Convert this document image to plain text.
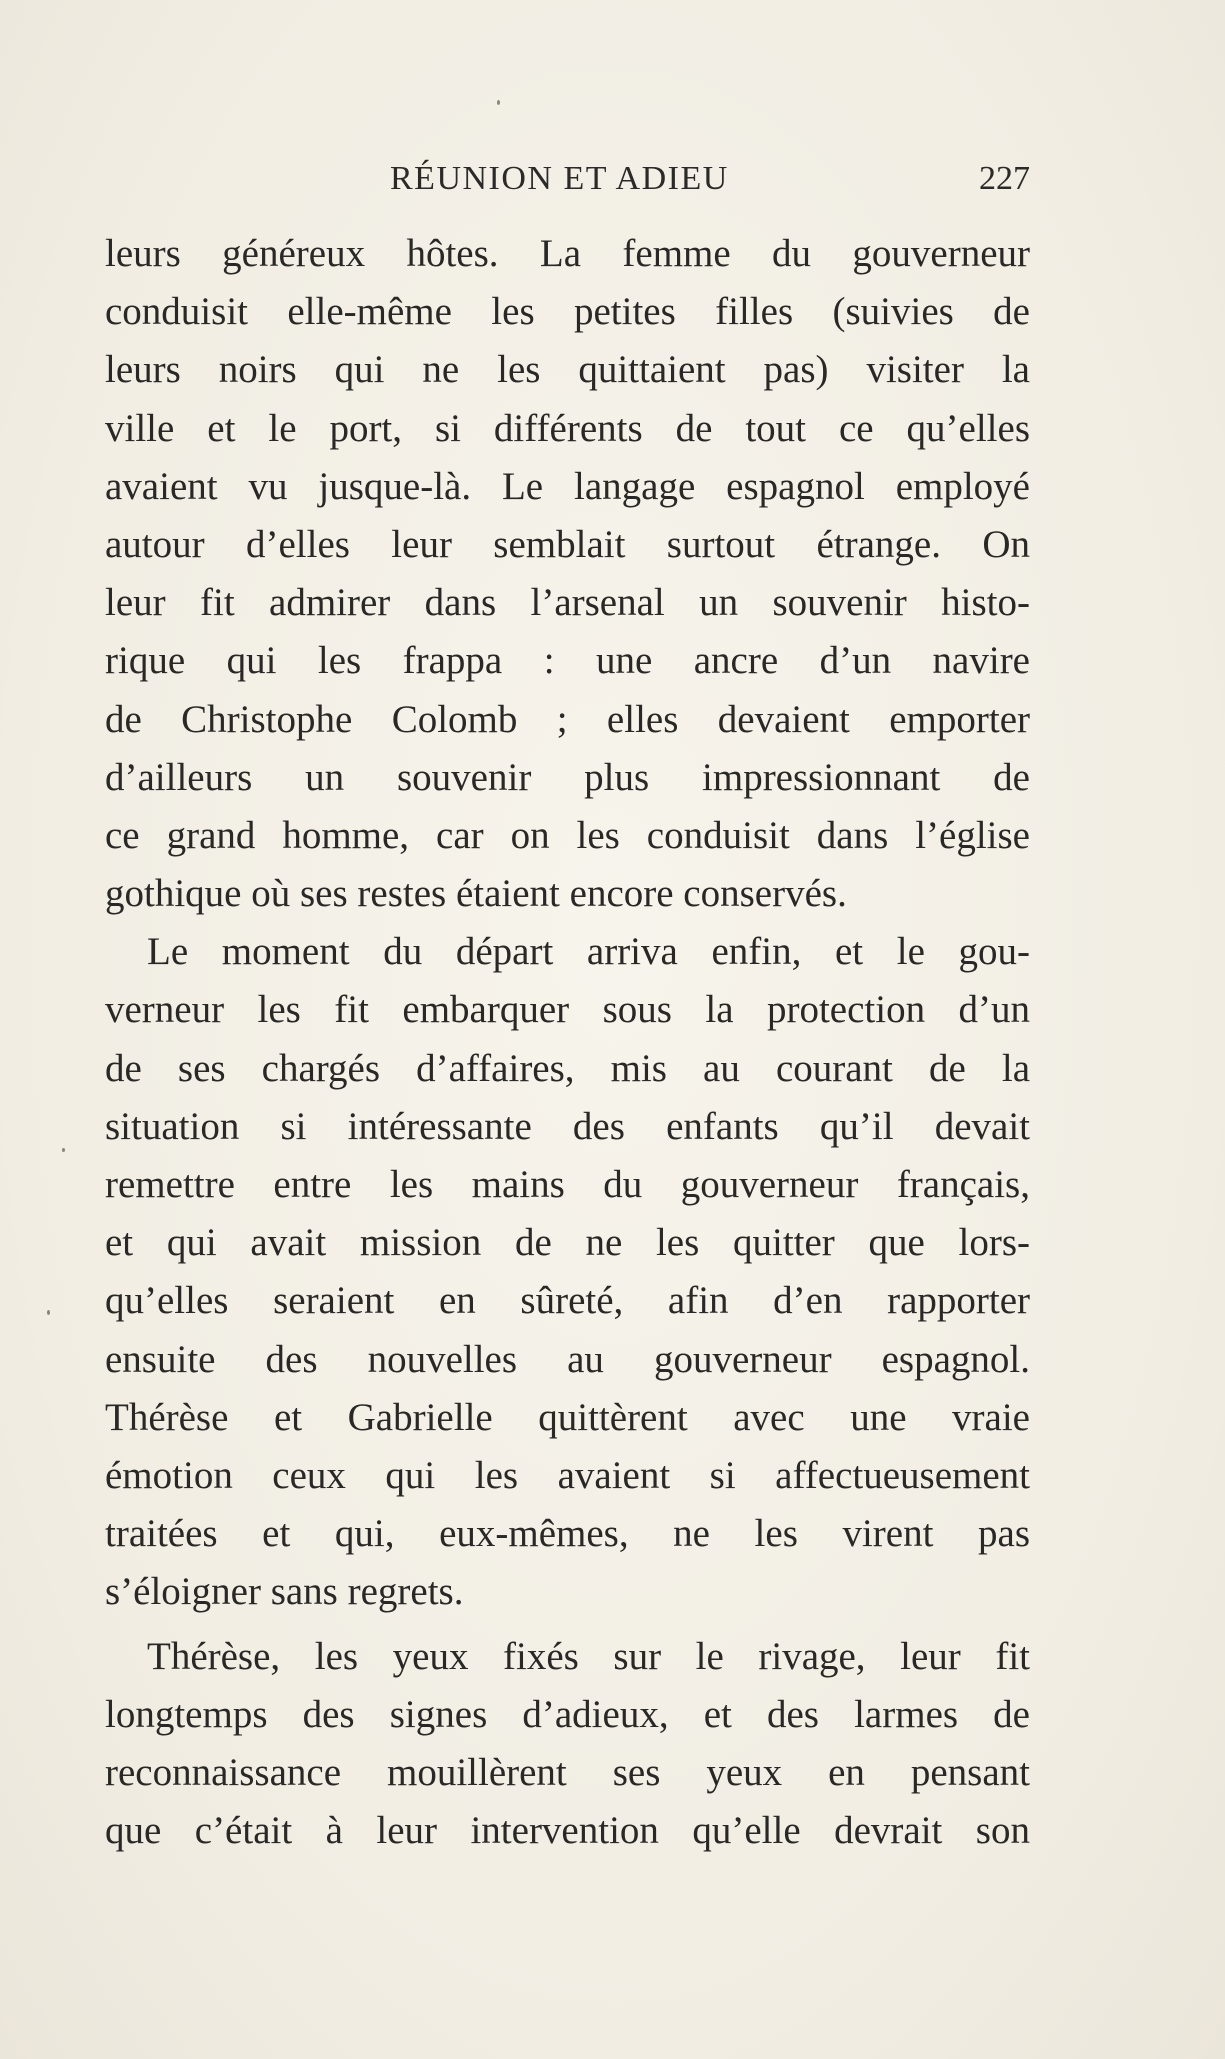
RÉUNION ET ADIEU	227
leurs généreux hôtes. La femme du gouverneur
conduisit elle-même les petites filles (suivies de
leurs noirs qui ne les quittaient pas) visiter la
ville et le port, si différents de tout ce qu’elles
avaient vu jusque-là. Le langage espagnol employé
autour d’elles leur semblait surtout étrange. On
leur fit admirer dans l’arsenal un souvenir histo-
rique qui les frappa : une ancre d’un navire
de Christophe Colomb ; elles devaient emporter
d’ailleurs un souvenir plus impressionnant de
ce grand homme, car on les conduisit dans l’église
gothique où ses restes étaient encore conservés.
Le moment du départ arriva enfin, et le gou-
verneur les fit embarquer sous la protection d’un
de ses chargés d’affaires, mis au courant de la
situation si intéressante des enfants qu’il devait
remettre entre les mains du gouverneur français,
et qui avait mission de ne les quitter que lors-
qu’elles seraient en sûreté, afin d’en rapporter
ensuite des nouvelles au gouverneur espagnol.
Thérèse et Gabrielle quittèrent avec une vraie
émotion ceux qui les avaient si affectueusement
traitées et qui, eux-mêmes, ne les virent pas
s’éloigner sans regrets.
Thérèse, les yeux fixés sur le rivage, leur fit
longtemps des signes d’adieux, et des larmes de
reconnaissance mouillèrent ses yeux en pensant
que c’était à leur intervention qu’elle devrait son
